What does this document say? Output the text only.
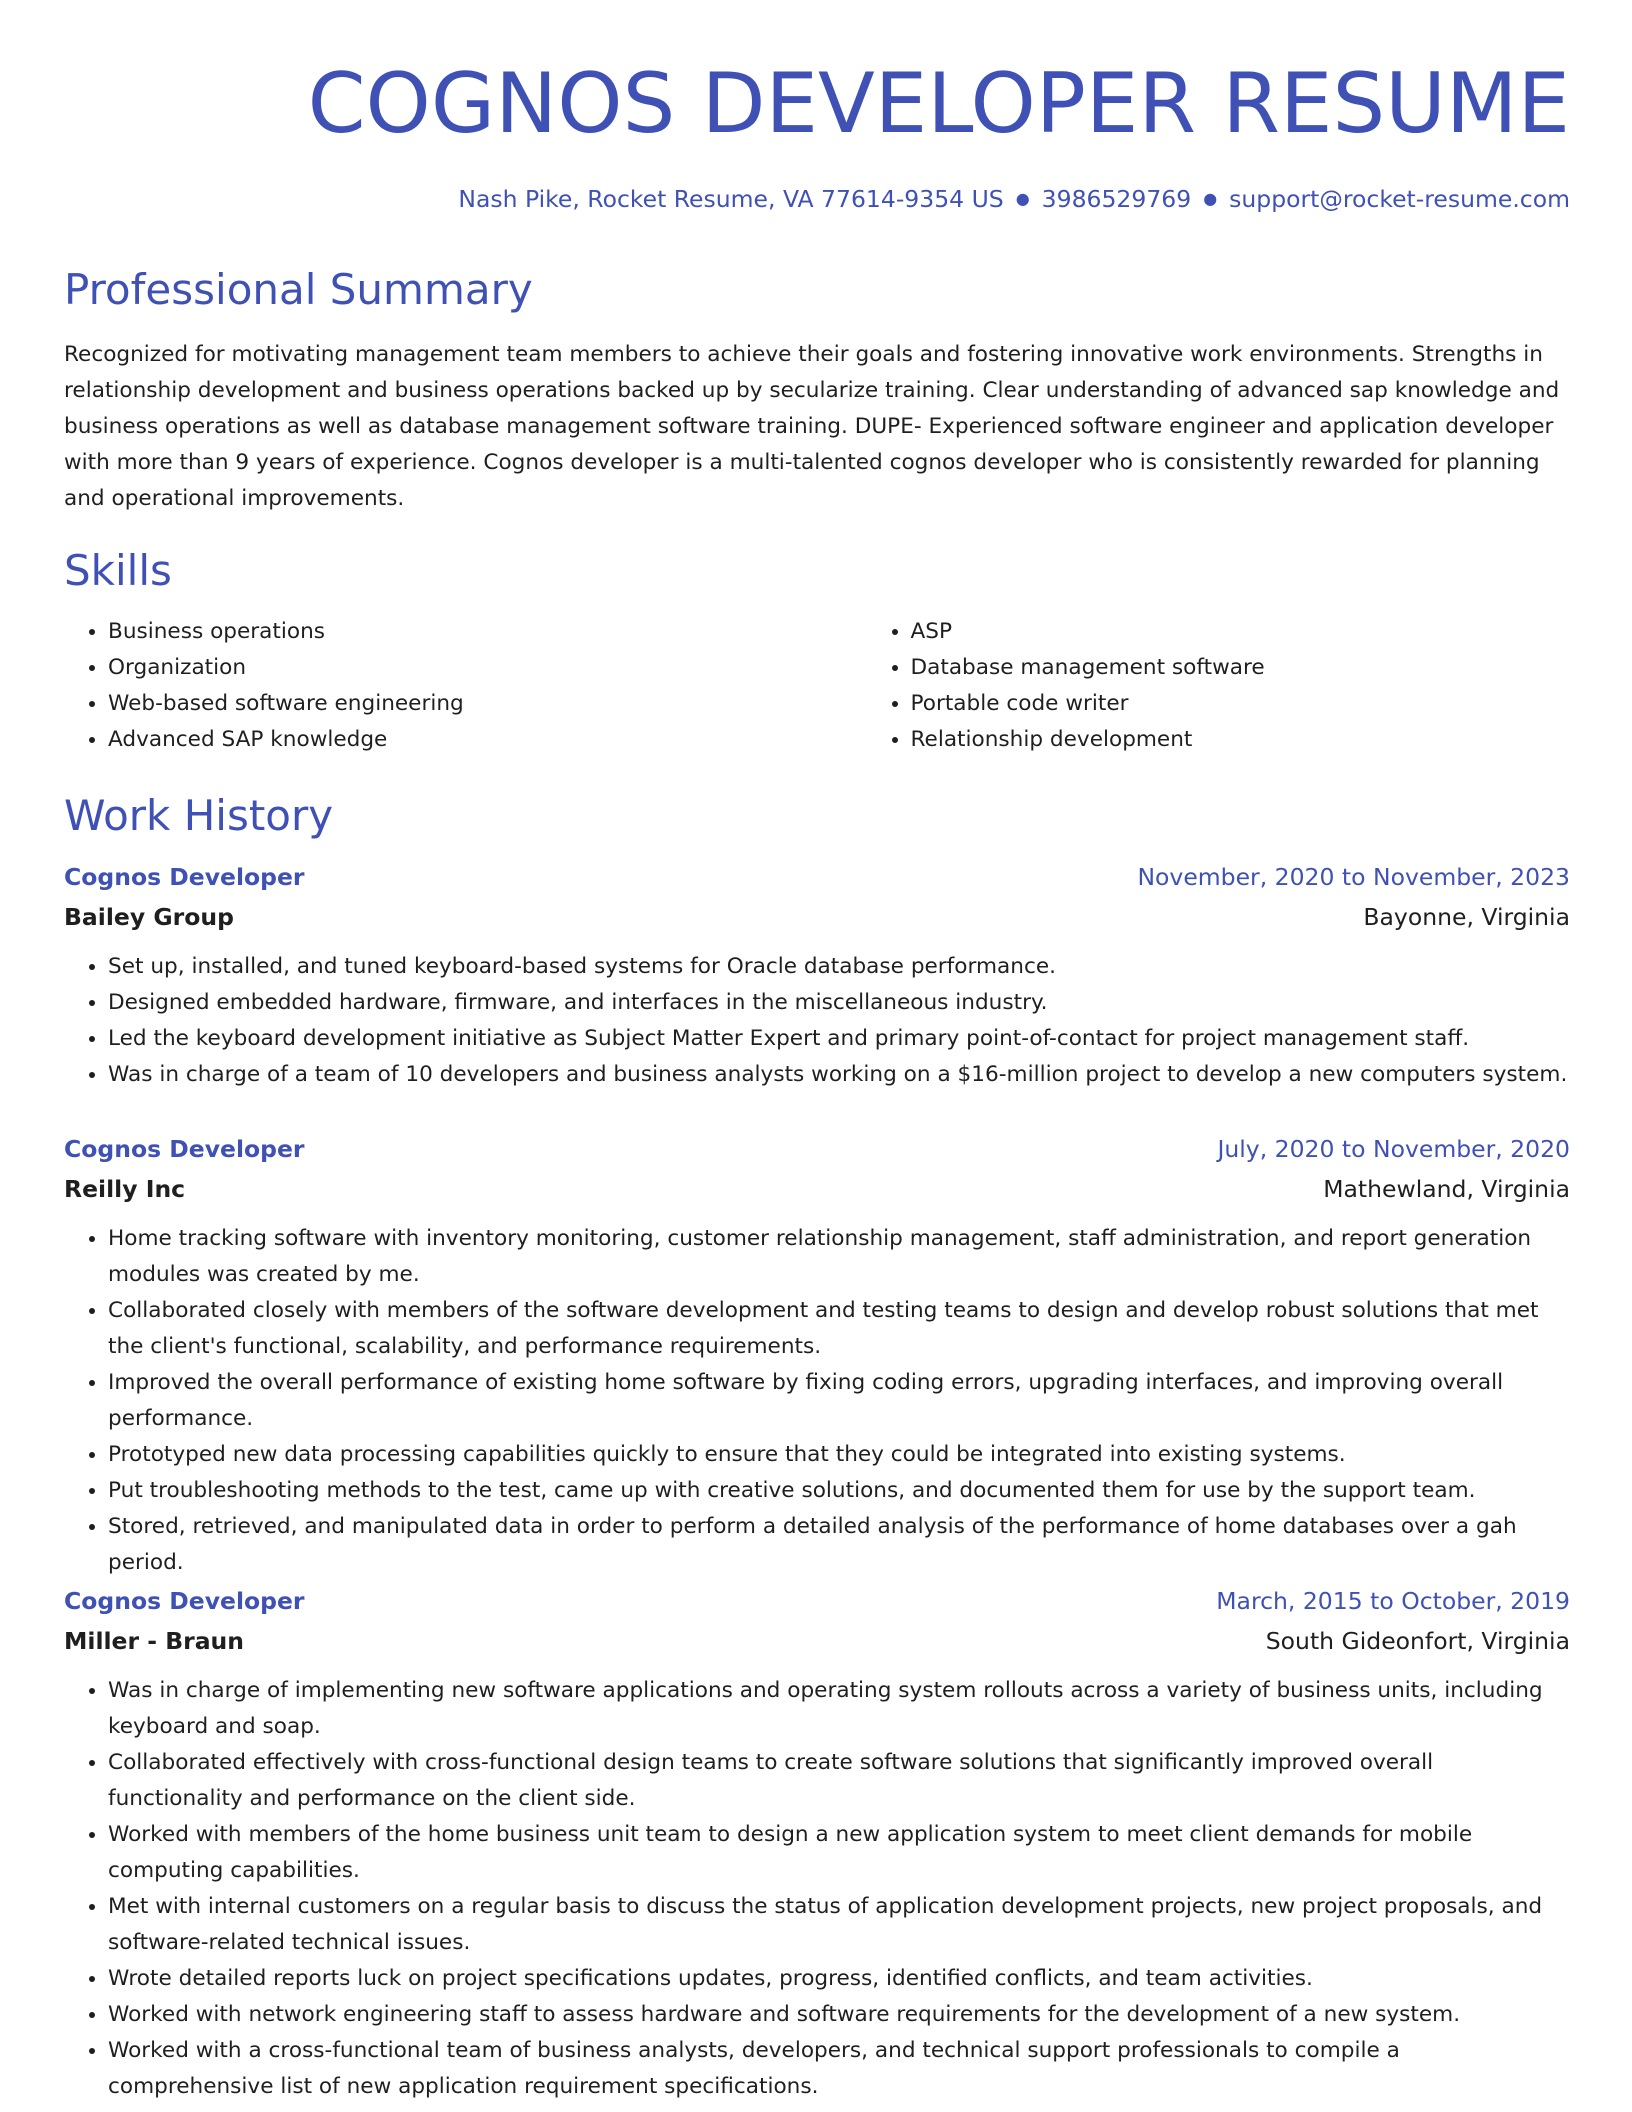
COGNOS DEVELOPER RESUME
Nash Pike, Rocket Resume, VA 77614-9354 US ● 3986529769 ● support@rocket-resume.com
Professional Summary

Recognized for motivating management team members to achieve their goals and fostering innovative work environments. Strengths in relationship development and business operations backed up by secularize training. Clear understanding of advanced sap knowledge and business operations as well as database management software training. DUPE- Experienced software engineer and application developer with more than 9 years of experience. Cognos developer is a multi-talented cognos developer who is consistently rewarded for planning and operational improvements.

Skills
• Business operations
• Organization
• Web-based software engineering
• Advanced SAP knowledge
• ASP
• Database management software
• Portable code writer
• Relationship development
Work History
Cognos Developer	November, 2020 to November, 2023
Bailey Group	Bayonne, Virginia
• Set up, installed, and tuned keyboard-based systems for Oracle database performance.
• Designed embedded hardware, firmware, and interfaces in the miscellaneous industry.
• Led the keyboard development initiative as Subject Matter Expert and primary point-of-contact for project management staff.
• Was in charge of a team of 10 developers and business analysts working on a $16-million project to develop a new computers system.
Cognos Developer	July, 2020 to November, 2020
Reilly Inc	Mathewland, Virginia
• Home tracking software with inventory monitoring, customer relationship management, staff administration, and report generation modules was created by me.
• Collaborated closely with members of the software development and testing teams to design and develop robust solutions that met the client's functional, scalability, and performance requirements.
• Improved the overall performance of existing home software by fixing coding errors, upgrading interfaces, and improving overall performance.
• Prototyped new data processing capabilities quickly to ensure that they could be integrated into existing systems.
• Put troubleshooting methods to the test, came up with creative solutions, and documented them for use by the support team.
• Stored, retrieved, and manipulated data in order to perform a detailed analysis of the performance of home databases over a gah period.
Cognos Developer	March, 2015 to October, 2019
Miller - Braun	South Gideonfort, Virginia
• Was in charge of implementing new software applications and operating system rollouts across a variety of business units, including keyboard and soap.
• Collaborated effectively with cross-functional design teams to create software solutions that significantly improved overall functionality and performance on the client side.
• Worked with members of the home business unit team to design a new application system to meet client demands for mobile computing capabilities.
• Met with internal customers on a regular basis to discuss the status of application development projects, new project proposals, and software-related technical issues.
• Wrote detailed reports luck on project specifications updates, progress, identified conflicts, and team activities.
• Worked with network engineering staff to assess hardware and software requirements for the development of a new system.
• Worked with a cross-functional team of business analysts, developers, and technical support professionals to compile a comprehensive list of new application requirement specifications.
